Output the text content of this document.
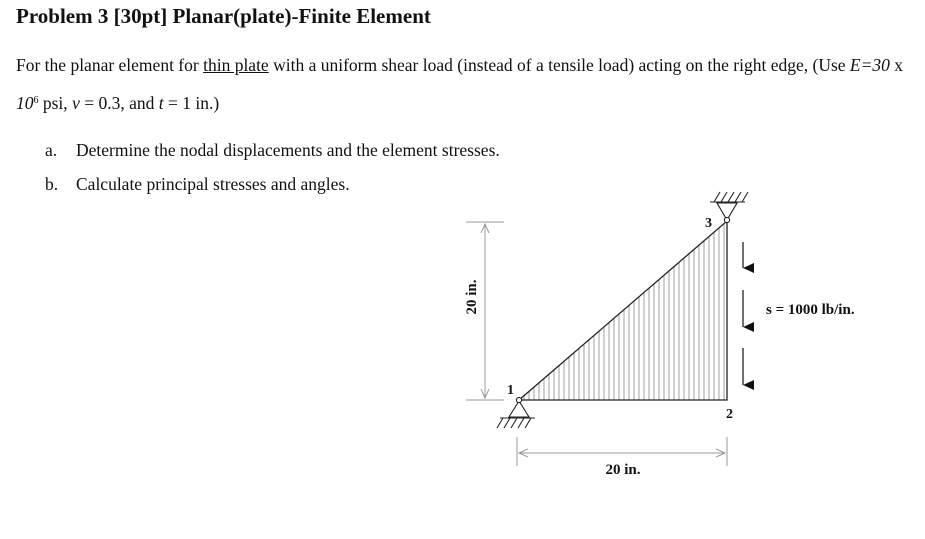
Problem 3 [30pt] Planar(plate)-Finite Element
For the planar element for thin plate with a uniform shear load (instead of a tensile load) acting on the right edge, (Use E=30 x $10^6$ psi, v = 0.3, and t = 1 in.)
a. Determine the nodal displacements and the element stresses.
b. Calculate principal stresses and angles.
20 in.
20 in.
1
2
3
s = 1000 lb/in.
